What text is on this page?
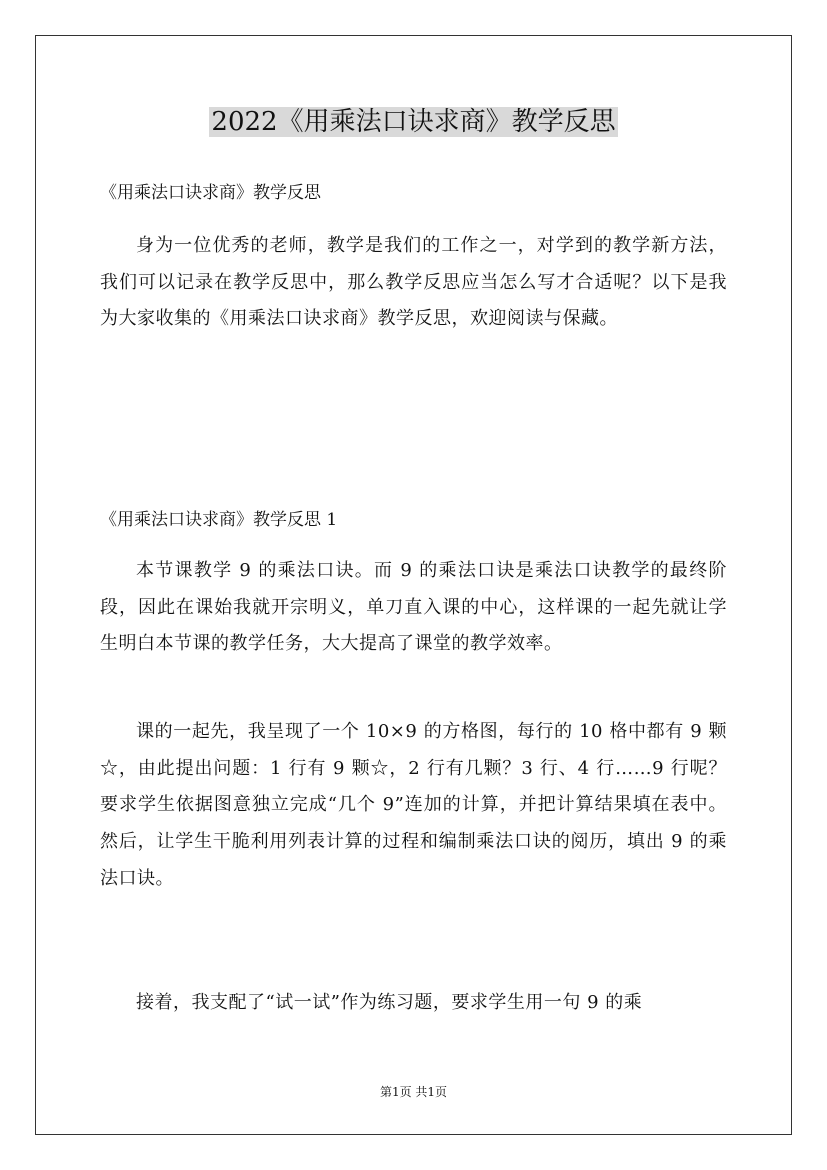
2022《用乘法口诀求商》教学反思

《用乘法口诀求商》教学反思

身为一位优秀的老师，教学是我们的工作之一，对学到的教学新方法，我们可以记录在教学反思中，那么教学反思应当怎么写才合适呢？以下是我为大家收集的《用乘法口诀求商》教学反思，欢迎阅读与保藏。

《用乘法口诀求商》教学反思 1

本节课教学 9 的乘法口诀。而 9 的乘法口诀是乘法口诀教学的最终阶段，因此在课始我就开宗明义，单刀直入课的中心，这样课的一起先就让学生明白本节课的教学任务，大大提高了课堂的教学效率。

课的一起先，我呈现了一个 10×9 的方格图，每行的 10 格中都有 9 颗☆，由此提出问题：1 行有 9 颗☆，2 行有几颗？3 行、4 行……9 行呢？要求学生依据图意独立完成“几个 9”连加的计算，并把计算结果填在表中。然后，让学生干脆利用列表计算的过程和编制乘法口诀的阅历，填出 9 的乘法口诀。

接着，我支配了“试一试”作为练习题，要求学生用一句 9 的乘

第1页 共1页
